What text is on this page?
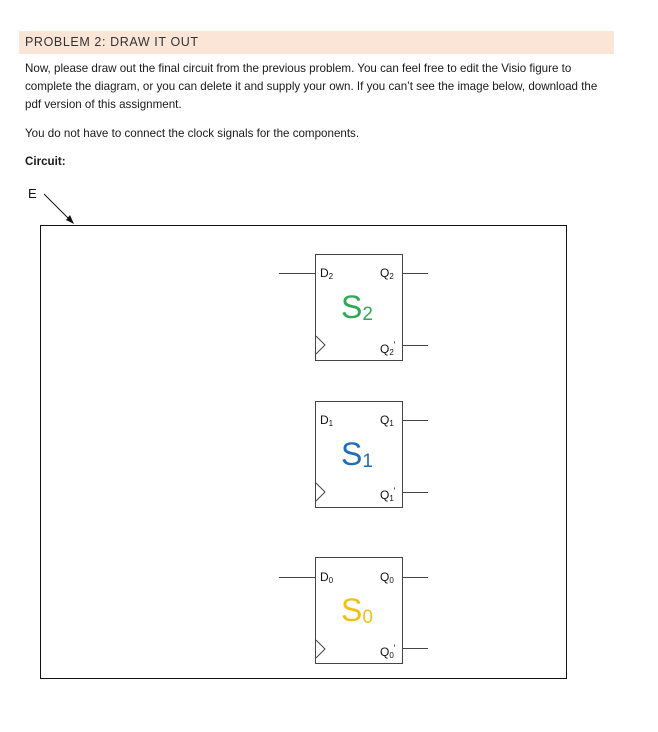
PROBLEM 2: DRAW IT OUT
Now, please draw out the final circuit from the previous problem. You can feel free to edit the Visio figure to complete the diagram, or you can delete it and supply your own. If you can’t see the image below, download the pdf version of this assignment.
You do not have to connect the clock signals for the components.
Circuit:
E
D2	Q2
Q2'
S2
D1	Q1
Q1'
S1
D0	Q0
Q0'
S0
